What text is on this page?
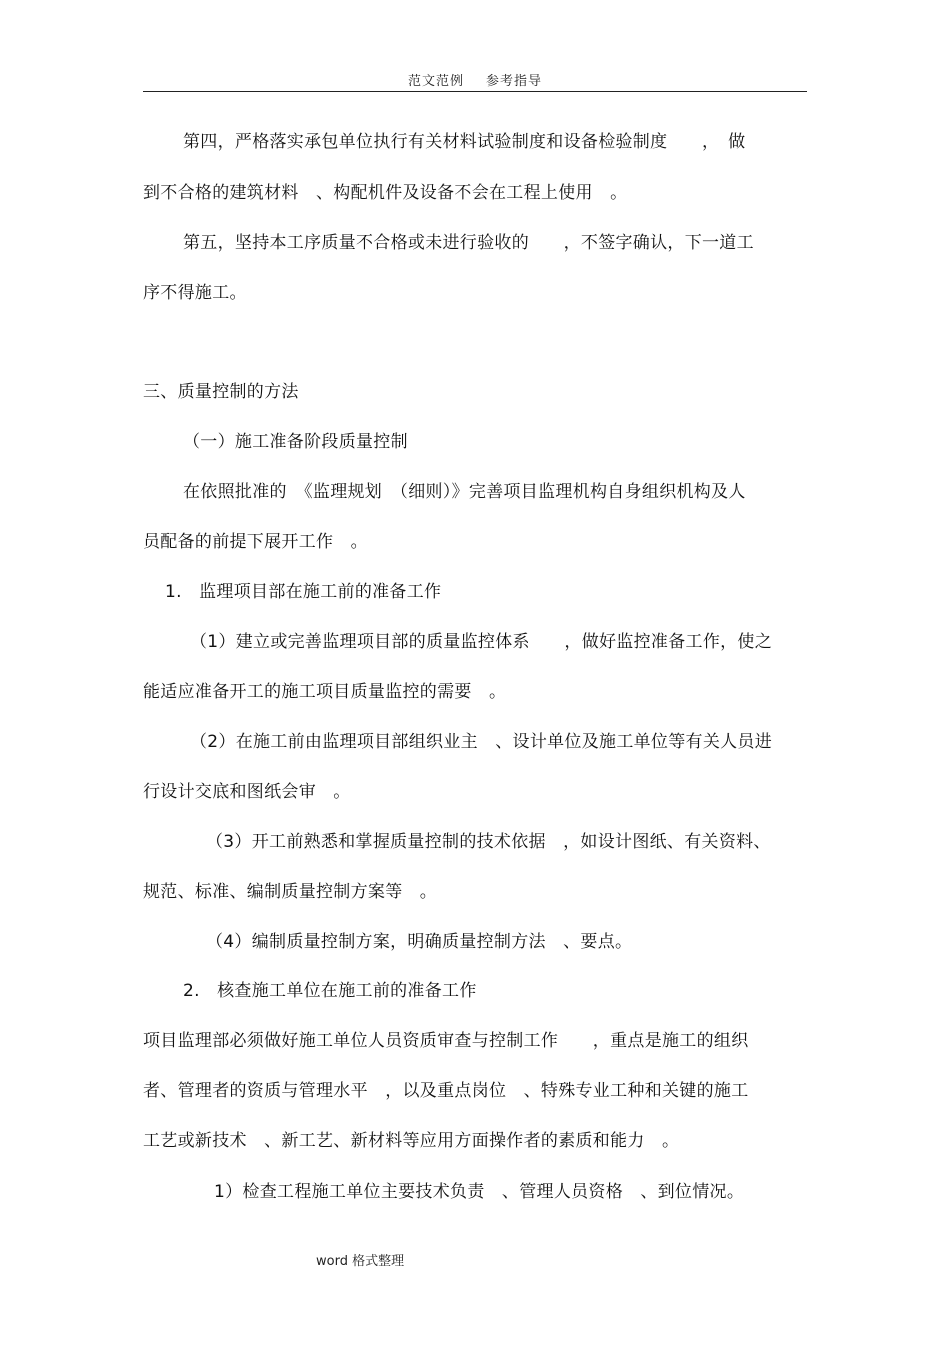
范文范例 参考指导
第四，严格落实承包单位执行有关材料试验制度和设备检验制度　　，　做
到不合格的建筑材料　、构配机件及设备不会在工程上使用　。
第五，坚持本工序质量不合格或未进行验收的　　，不签字确认，下一道工
序不得施工。
三、质量控制的方法
（一）施工准备阶段质量控制
在依照批准的　《监理规划　（细则）》完善项目监理机构自身组织机构及人
员配备的前提下展开工作　。
1.　监理项目部在施工前的准备工作
（1）建立或完善监理项目部的质量监控体系　　，做好监控准备工作，使之
能适应准备开工的施工项目质量监控的需要　。
（2）在施工前由监理项目部组织业主　、设计单位及施工单位等有关人员进
行设计交底和图纸会审　。
（3）开工前熟悉和掌握质量控制的技术依据　，如设计图纸、有关资料、
规范、标准、编制质量控制方案等　。
（4）编制质量控制方案，明确质量控制方法　、要点。
2.　核查施工单位在施工前的准备工作
项目监理部必须做好施工单位人员资质审查与控制工作　　，重点是施工的组织
者、管理者的资质与管理水平　，以及重点岗位　、特殊专业工种和关键的施工
工艺或新技术　、新工艺、新材料等应用方面操作者的素质和能力　。
1）检查工程施工单位主要技术负责　、管理人员资格　、到位情况。
word 格式整理
